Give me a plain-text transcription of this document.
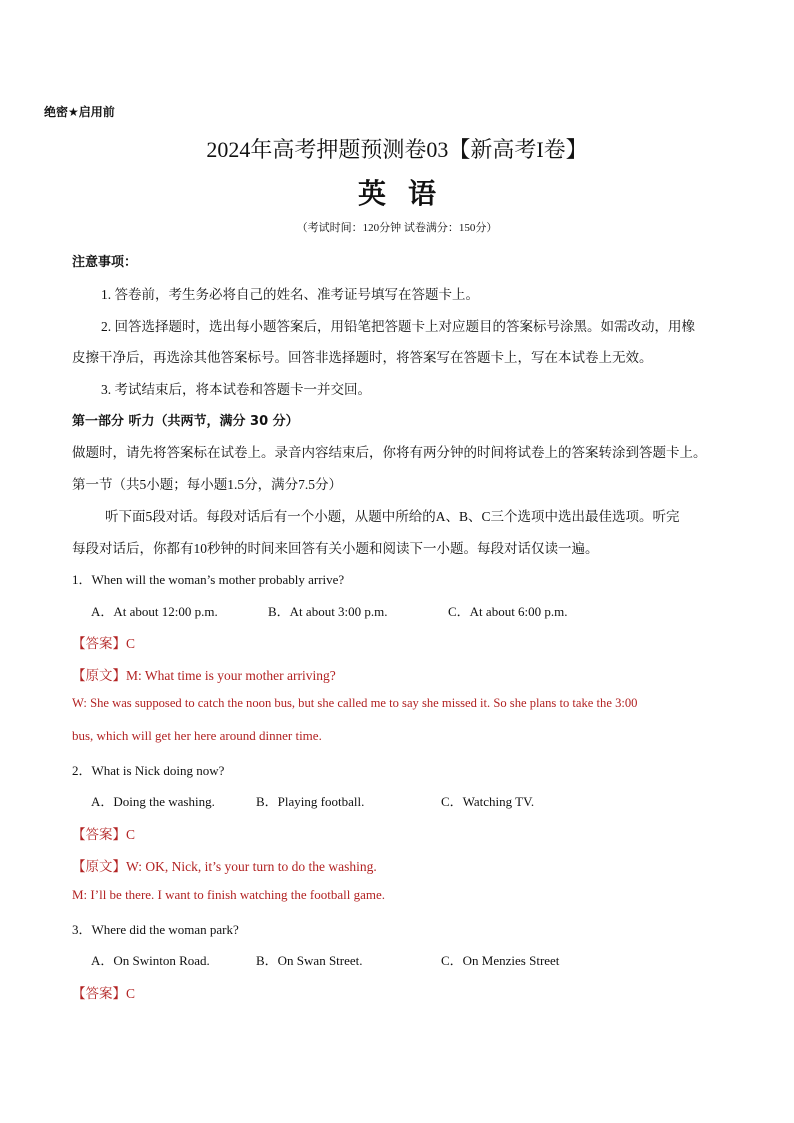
绝密★启用前
2024年高考押题预测卷03【新高考I卷】
英语
（考试时间：120分钟 试卷满分：150分）
注意事项：
1. 答卷前，考生务必将自己的姓名、准考证号填写在答题卡上。
2. 回答选择题时，选出每小题答案后，用铅笔把答题卡上对应题目的答案标号涂黑。如需改动，用橡
皮擦干净后，再选涂其他答案标号。回答非选择题时，将答案写在答题卡上，写在本试卷上无效。
3. 考试结束后，将本试卷和答题卡一并交回。
第一部分 听力（共两节，满分 30 分）
做题时，请先将答案标在试卷上。录音内容结束后，你将有两分钟的时间将试卷上的答案转涂到答题卡上。
第一节（共5小题；每小题1.5分，满分7.5分）
听下面5段对话。每段对话后有一个小题，从题中所给的A、B、C三个选项中选出最佳选项。听完
每段对话后，你都有10秒钟的时间来回答有关小题和阅读下一小题。每段对话仅读一遍。
1．When will the woman’s mother probably arrive?
A．At about 12:00 p.m.	B．At about 3:00 p.m.	C．At about 6:00 p.m.
【答案】C
【原文】M: What time is your mother arriving?
W: She was supposed to catch the noon bus, but she called me to say she missed it. So she plans to take the 3:00
bus, which will get her here around dinner time.
2．What is Nick doing now?
A．Doing the washing.	B．Playing football.	C．Watching TV.
【答案】C
【原文】W: OK, Nick, it’s your turn to do the washing.
M: I’ll be there. I want to finish watching the football game.
3．Where did the woman park?
A．On Swinton Road.	B．On Swan Street.	C．On Menzies Street
【答案】C
